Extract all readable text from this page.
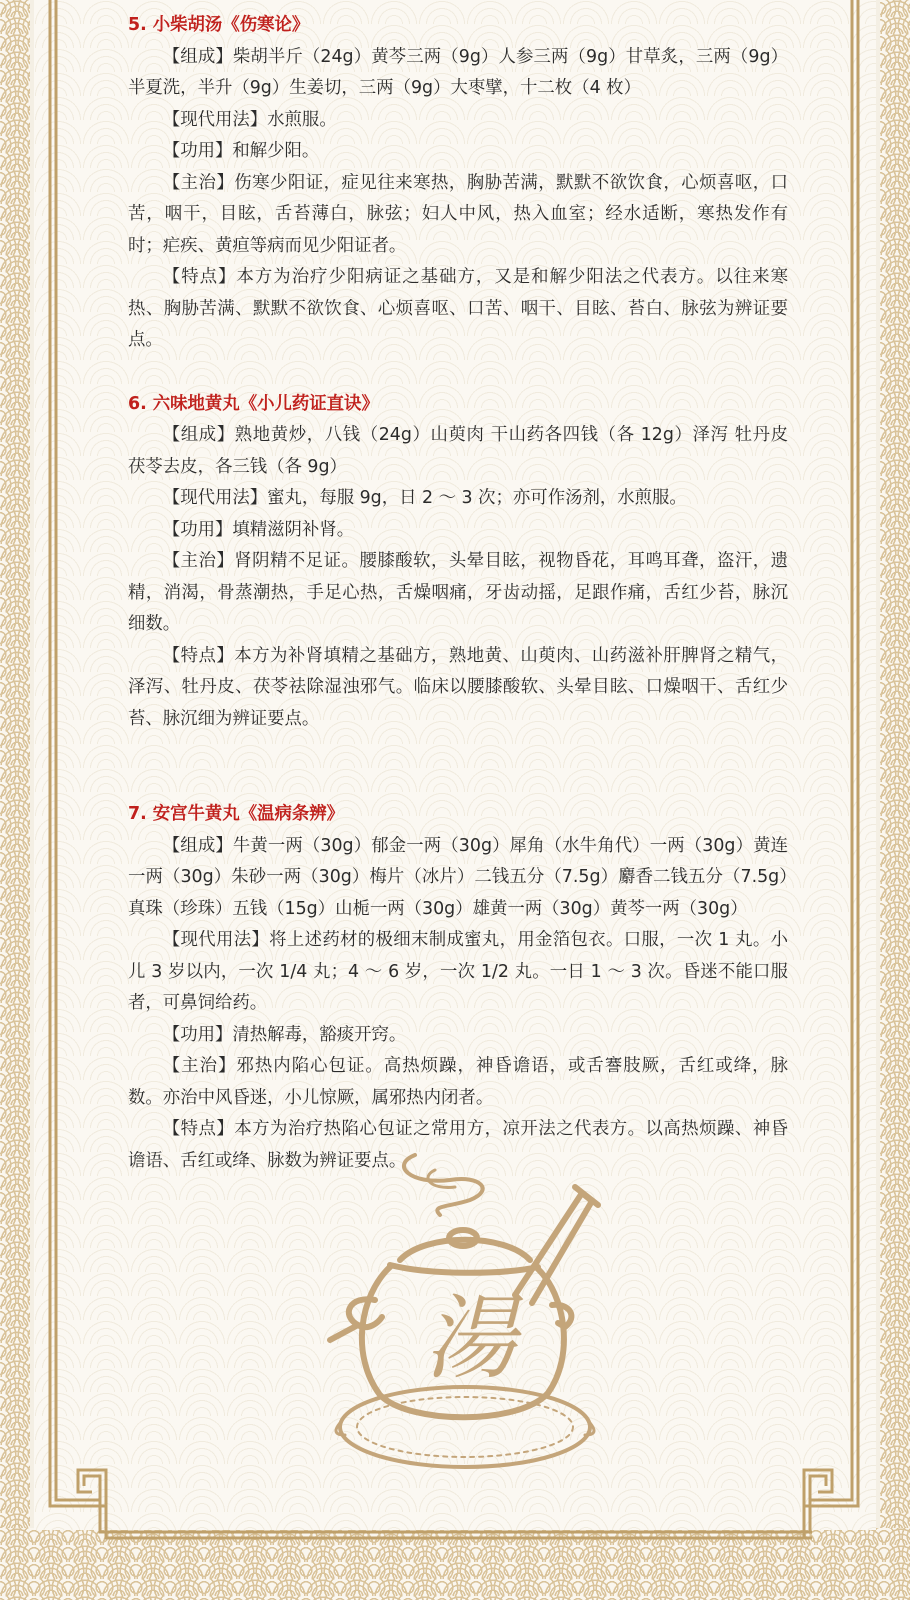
5. 小柴胡汤《伤寒论》

【组成】柴胡半斤（24g）黄芩三两（9g）人参三两（9g）甘草炙，三两（9g）半夏洗，半升（9g）生姜切，三两（9g）大枣擘，十二枚（4 枚）

【现代用法】水煎服。

【功用】和解少阳。

【主治】伤寒少阳证，症见往来寒热，胸胁苦满，默默不欲饮食，心烦喜呕，口苦，咽干，目眩，舌苔薄白，脉弦；妇人中风，热入血室；经水适断，寒热发作有时；疟疾、黄疸等病而见少阳证者。

【特点】本方为治疗少阳病证之基础方，又是和解少阳法之代表方。以往来寒热、胸胁苦满、默默不欲饮食、心烦喜呕、口苦、咽干、目眩、苔白、脉弦为辨证要点。

6. 六味地黄丸《小儿药证直诀》

【组成】熟地黄炒，八钱（24g）山萸肉 干山药各四钱（各 12g）泽泻 牡丹皮 茯苓去皮，各三钱（各 9g）

【现代用法】蜜丸，每服 9g，日 2 ～ 3 次；亦可作汤剂，水煎服。

【功用】填精滋阴补肾。

【主治】肾阴精不足证。腰膝酸软，头晕目眩，视物昏花，耳鸣耳聋，盗汗，遗精，消渴，骨蒸潮热，手足心热，舌燥咽痛，牙齿动摇，足跟作痛，舌红少苔，脉沉细数。

【特点】本方为补肾填精之基础方，熟地黄、山萸肉、山药滋补肝脾肾之精气，泽泻、牡丹皮、茯苓祛除湿浊邪气。临床以腰膝酸软、头晕目眩、口燥咽干、舌红少苔、脉沉细为辨证要点。

7. 安宫牛黄丸《温病条辨》

【组成】牛黄一两（30g）郁金一两（30g）犀角（水牛角代）一两（30g）黄连一两（30g）朱砂一两（30g）梅片（冰片）二钱五分（7.5g）麝香二钱五分（7.5g）真珠（珍珠）五钱（15g）山栀一两（30g）雄黄一两（30g）黄芩一两（30g）

【现代用法】将上述药材的极细末制成蜜丸，用金箔包衣。口服，一次 1 丸。小儿 3 岁以内，一次 1/4 丸；4 ～ 6 岁，一次 1/2 丸。一日 1 ～ 3 次。昏迷不能口服者，可鼻饲给药。

【功用】清热解毒，豁痰开窍。

【主治】邪热内陷心包证。高热烦躁，神昏谵语，或舌謇肢厥，舌红或绛，脉数。亦治中风昏迷，小儿惊厥，属邪热内闭者。

【特点】本方为治疗热陷心包证之常用方，凉开法之代表方。以高热烦躁、神昏谵语、舌红或绛、脉数为辨证要点。

湯
